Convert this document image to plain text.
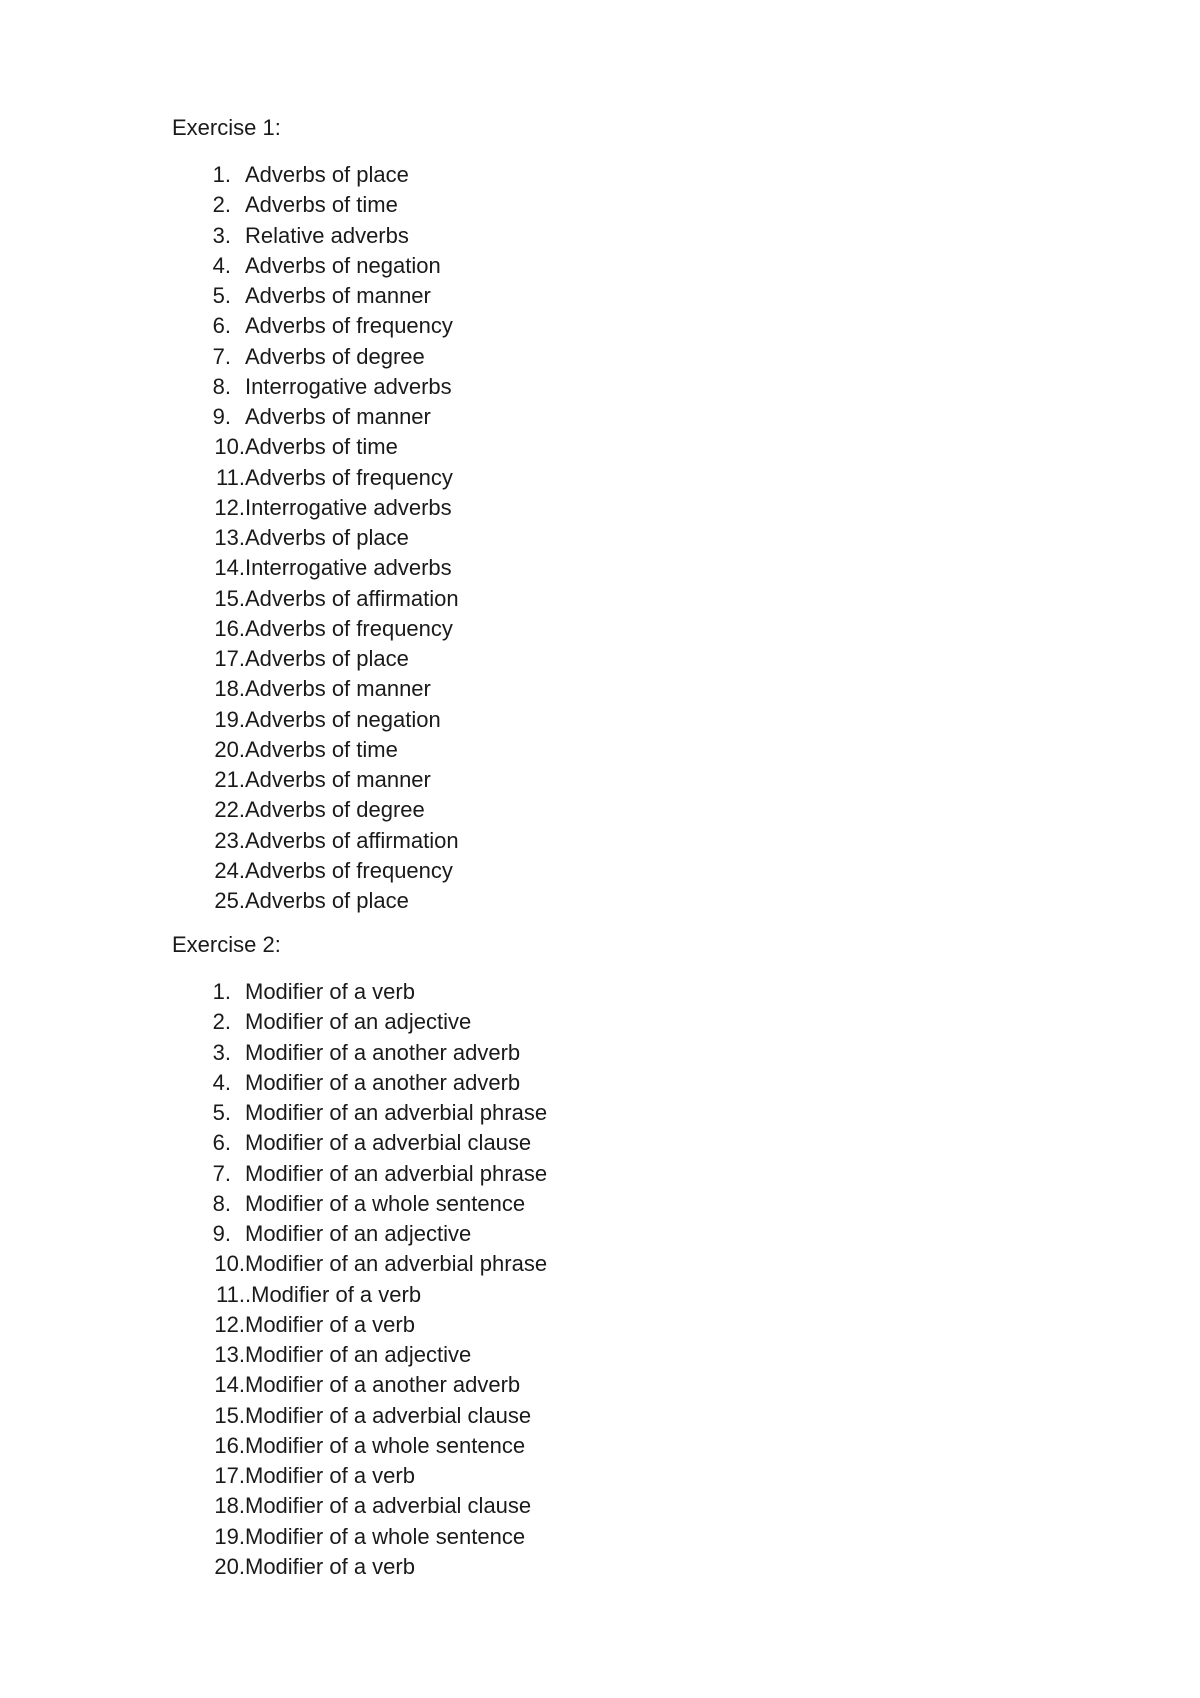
Exercise 1:
1. Adverbs of place
2. Adverbs of time
3. Relative adverbs
4. Adverbs of negation
5. Adverbs of manner
6. Adverbs of frequency
7. Adverbs of degree
8. Interrogative adverbs
9. Adverbs of manner
10. Adverbs of time
11. Adverbs of frequency
12. Interrogative adverbs
13. Adverbs of place
14. Interrogative adverbs
15. Adverbs of affirmation
16. Adverbs of frequency
17. Adverbs of place
18. Adverbs of manner
19. Adverbs of negation
20. Adverbs of time
21. Adverbs of manner
22. Adverbs of degree
23. Adverbs of affirmation
24. Adverbs of frequency
25. Adverbs of place
Exercise 2:
1. Modifier of a verb
2. Modifier of an adjective
3. Modifier of a another adverb
4. Modifier of a another adverb
5. Modifier of an adverbial phrase
6. Modifier of a adverbial clause
7. Modifier of an adverbial phrase
8. Modifier of a whole sentence
9. Modifier of an adjective
10. Modifier of an adverbial phrase
11. .Modifier of a verb
12. Modifier of a verb
13. Modifier of an adjective
14. Modifier of a another adverb
15. Modifier of a adverbial clause
16. Modifier of a whole sentence
17. Modifier of a verb
18. Modifier of a adverbial clause
19. Modifier of a whole sentence
20. Modifier of a verb
